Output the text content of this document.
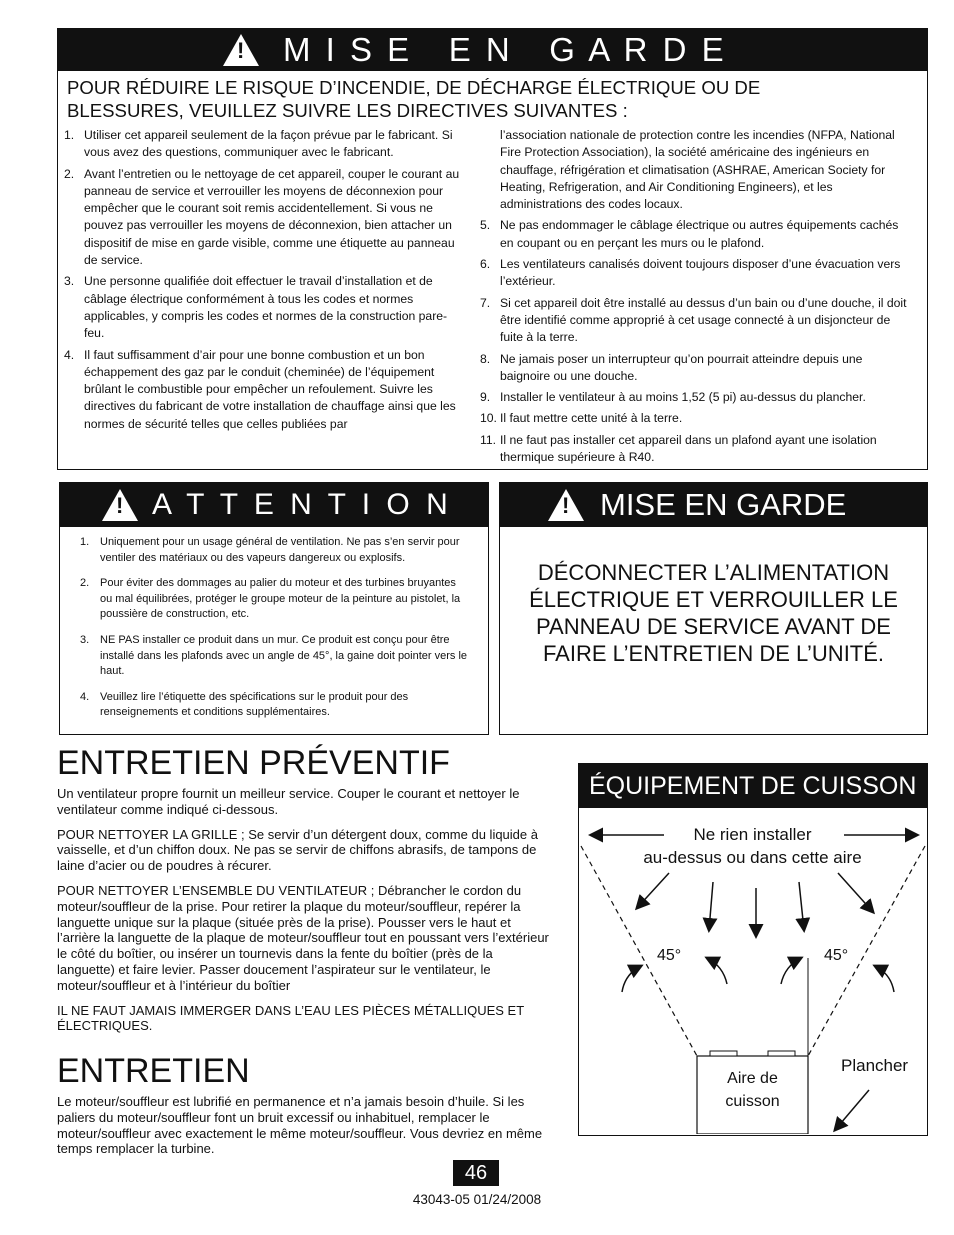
! M I S E   E N   G A R D E
POUR RÉDUIRE LE RISQUE D’INCENDIE, DE DÉCHARGE ÉLECTRIQUE OU DE BLESSURES, VEUILLEZ SUIVRE LES DIRECTIVES SUIVANTES :
1. Utiliser cet appareil seulement de la façon prévue par le fabricant. Si vous avez des questions, communiquer avec le fabricant.
2. Avant l’entretien ou le nettoyage de cet appareil, couper le courant au panneau de service et verrouiller les moyens de déconnexion pour empêcher que le courant soit remis accidentellement. Si vous ne pouvez pas verrouiller les moyens de déconnexion, bien attacher un dispositif de mise en garde visible, comme une étiquette au panneau de service.
3. Une personne qualifiée doit effectuer le travail d’installation et de câblage électrique conformément à tous les codes et normes applicables, y compris les codes et normes de la construction pare-feu.
4. Il faut suffisamment d’air pour une bonne combustion et un bon échappement des gaz par le conduit (cheminée) de l’équipement brûlant le combustible pour empêcher un refoulement. Suivre les directives du fabricant de votre installation de chauffage ainsi que les normes de sécurité telles que celles publiées par
l’association nationale de protection contre les incendies (NFPA, National Fire Protection Association), la société américaine des ingénieurs en chauffage, réfrigération et climatisation (ASHRAE, American Society for Heating, Refrigeration, and Air Conditioning Engineers), et les administrations des codes locaux.
5. Ne pas endommager le câblage électrique ou autres équipements cachés en coupant ou en perçant les murs ou le plafond.
6. Les ventilateurs canalisés doivent toujours disposer d’une évacuation vers l’extérieur.
7. Si cet appareil doit être installé au dessus d’un bain ou d’une douche, il doit être identifié comme approprié à cet usage connecté à un disjoncteur de fuite à la terre.
8. Ne jamais poser un interrupteur qu’on pourrait atteindre depuis une baignoire ou une douche.
9. Installer le ventilateur à au moins 1,52 (5 pi) au-dessus du plancher.
10. Il faut mettre cette unité à la terre.
11. Il ne faut pas installer cet appareil dans un plafond ayant une isolation thermique supérieure à R40.
! A T T E N T I O N
1. Uniquement pour un usage général de ventilation. Ne pas s’en servir pour ventiler des matériaux ou des vapeurs dangereux ou explosifs.
2. Pour éviter des dommages au palier du moteur et des turbines bruyantes ou mal équilibrées, protéger le groupe moteur de la peinture au pistolet, la poussière de construction, etc.
3. NE PAS installer ce produit dans un mur. Ce produit est conçu pour être installé dans les plafonds avec un angle de 45°, la gaine doit pointer vers le haut.
4. Veuillez lire l’étiquette des spécifications sur le produit pour des renseignements et conditions supplémentaires.
! MISE EN GARDE
DÉCONNECTER L’ALIMENTATION ÉLECTRIQUE ET VERROUILLER LE PANNEAU DE SERVICE AVANT DE FAIRE L’ENTRETIEN DE L’UNITÉ.
ENTRETIEN PRÉVENTIF

Un ventilateur propre fournit un meilleur service. Couper le courant et nettoyer le ventilateur comme indiqué ci-dessous.

POUR NETTOYER LA GRILLE ; Se servir d’un détergent doux, comme du liquide à vaisselle, et d’un chiffon doux. Ne pas se servir de chiffons abrasifs, de tampons de laine d’acier ou de poudres à récurer.

POUR NETTOYER L’ENSEMBLE DU VENTILATEUR ; Débrancher le cordon du moteur/souffleur de la prise. Pour retirer la plaque du moteur/souffleur, repérer la languette unique sur la plaque (située près de la prise). Pousser vers le haut et l’arrière la languette de la plaque de moteur/souffleur tout en poussant vers l’extérieur le côté du boîtier, ou insérer un tournevis dans la fente du boîtier (près de la languette) et faire levier. Passer doucement l’aspirateur sur le ventilateur, le moteur/souffleur et à l’intérieur du boîtier

IL NE FAUT JAMAIS IMMERGER DANS L’EAU LES PIÈCES MÉTALLIQUES ET ÉLECTRIQUES.

ENTRETIEN

Le moteur/souffleur est lubrifié en permanence et n’a jamais besoin d’huile. Si les paliers du moteur/souffleur font un bruit excessif ou inhabituel, remplacer le moteur/souffleur avec exactement le même moteur/souffleur. Vous devriez en même temps remplacer la turbine.

ÉQUIPEMENT DE CUISSON
Ne rien installer
au-dessus ou dans cette aire
45°	45°
Plancher
Aire de
cuisson
46
43043-05 01/24/2008
